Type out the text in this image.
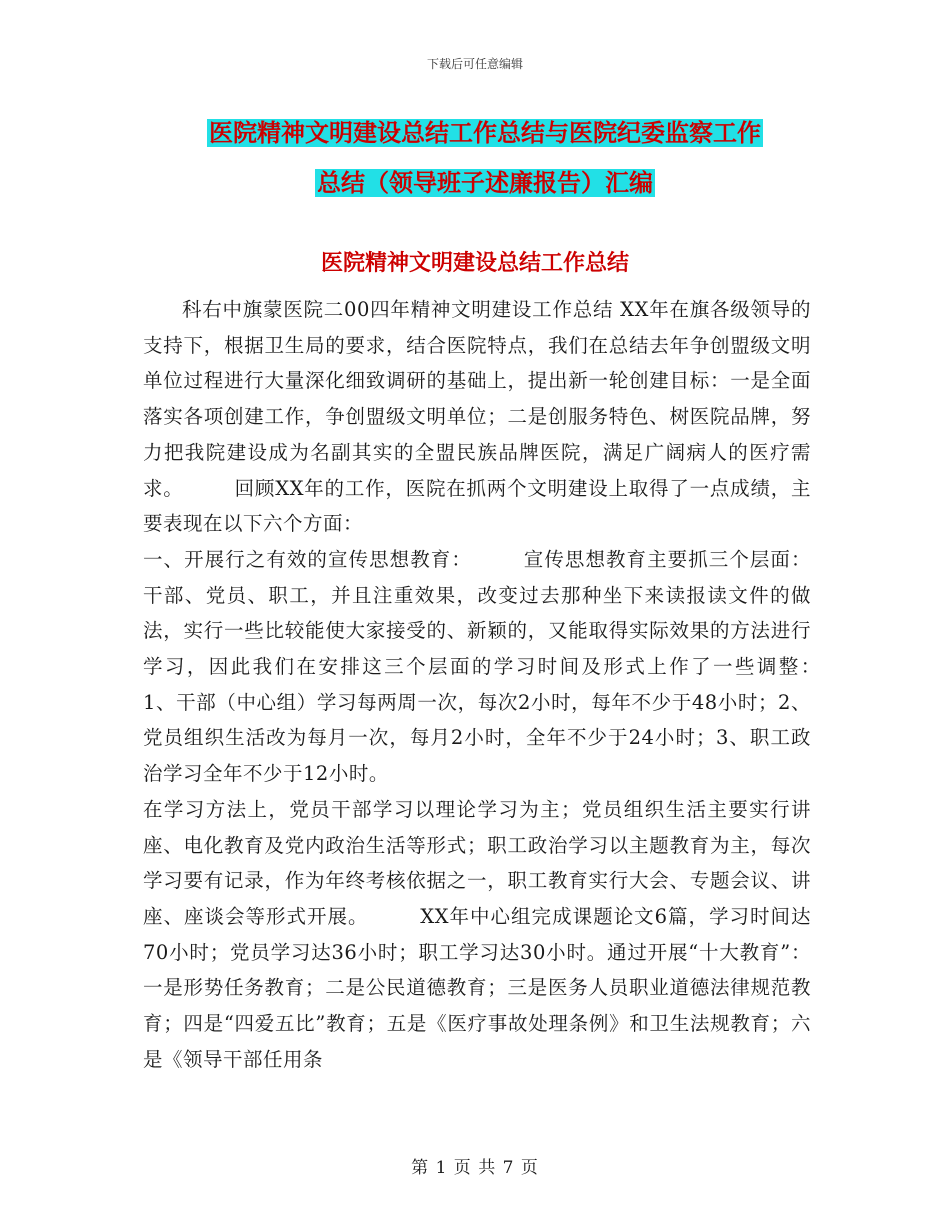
下载后可任意编辑
医院精神文明建设总结工作总结与医院纪委监察工作
总结（领导班子述廉报告）汇编
医院精神文明建设总结工作总结

科右中旗蒙医院二00四年精神文明建设工作总结 XX年在旗各级领导的支持下，根据卫生局的要求，结合医院特点，我们在总结去年争创盟级文明单位过程进行大量深化细致调研的基础上，提出新一轮创建目标：一是全面落实各项创建工作，争创盟级文明单位；二是创服务特色、树医院品牌，努力把我院建设成为名副其实的全盟民族品牌医院，满足广阔病人的医疗需求。　　　回顾XX年的工作，医院在抓两个文明建设上取得了一点成绩，主要表现在以下六个方面：

一、开展行之有效的宣传思想教育：　　　宣传思想教育主要抓三个层面：干部、党员、职工，并且注重效果，改变过去那种坐下来读报读文件的做法，实行一些比较能使大家接受的、新颖的，又能取得实际效果的方法进行学习，因此我们在安排这三个层面的学习时间及形式上作了一些调整：　　　1、干部（中心组）学习每两周一次，每次2小时，每年不少于48小时；2、党员组织生活改为每月一次，每月2小时，全年不少于24小时；3、职工政治学习全年不少于12小时。

在学习方法上，党员干部学习以理论学习为主；党员组织生活主要实行讲座、电化教育及党内政治生活等形式；职工政治学习以主题教育为主，每次学习要有记录，作为年终考核依据之一，职工教育实行大会、专题会议、讲座、座谈会等形式开展。　　　XX年中心组完成课题论文6篇，学习时间达70小时；党员学习达36小时；职工学习达30小时。通过开展“十大教育”：一是形势任务教育；二是公民道德教育；三是医务人员职业道德法律规范教育；四是“四爱五比”教育；五是《医疗事故处理条例》和卫生法规教育；六是《领导干部任用条

第 1 页 共 7 页
